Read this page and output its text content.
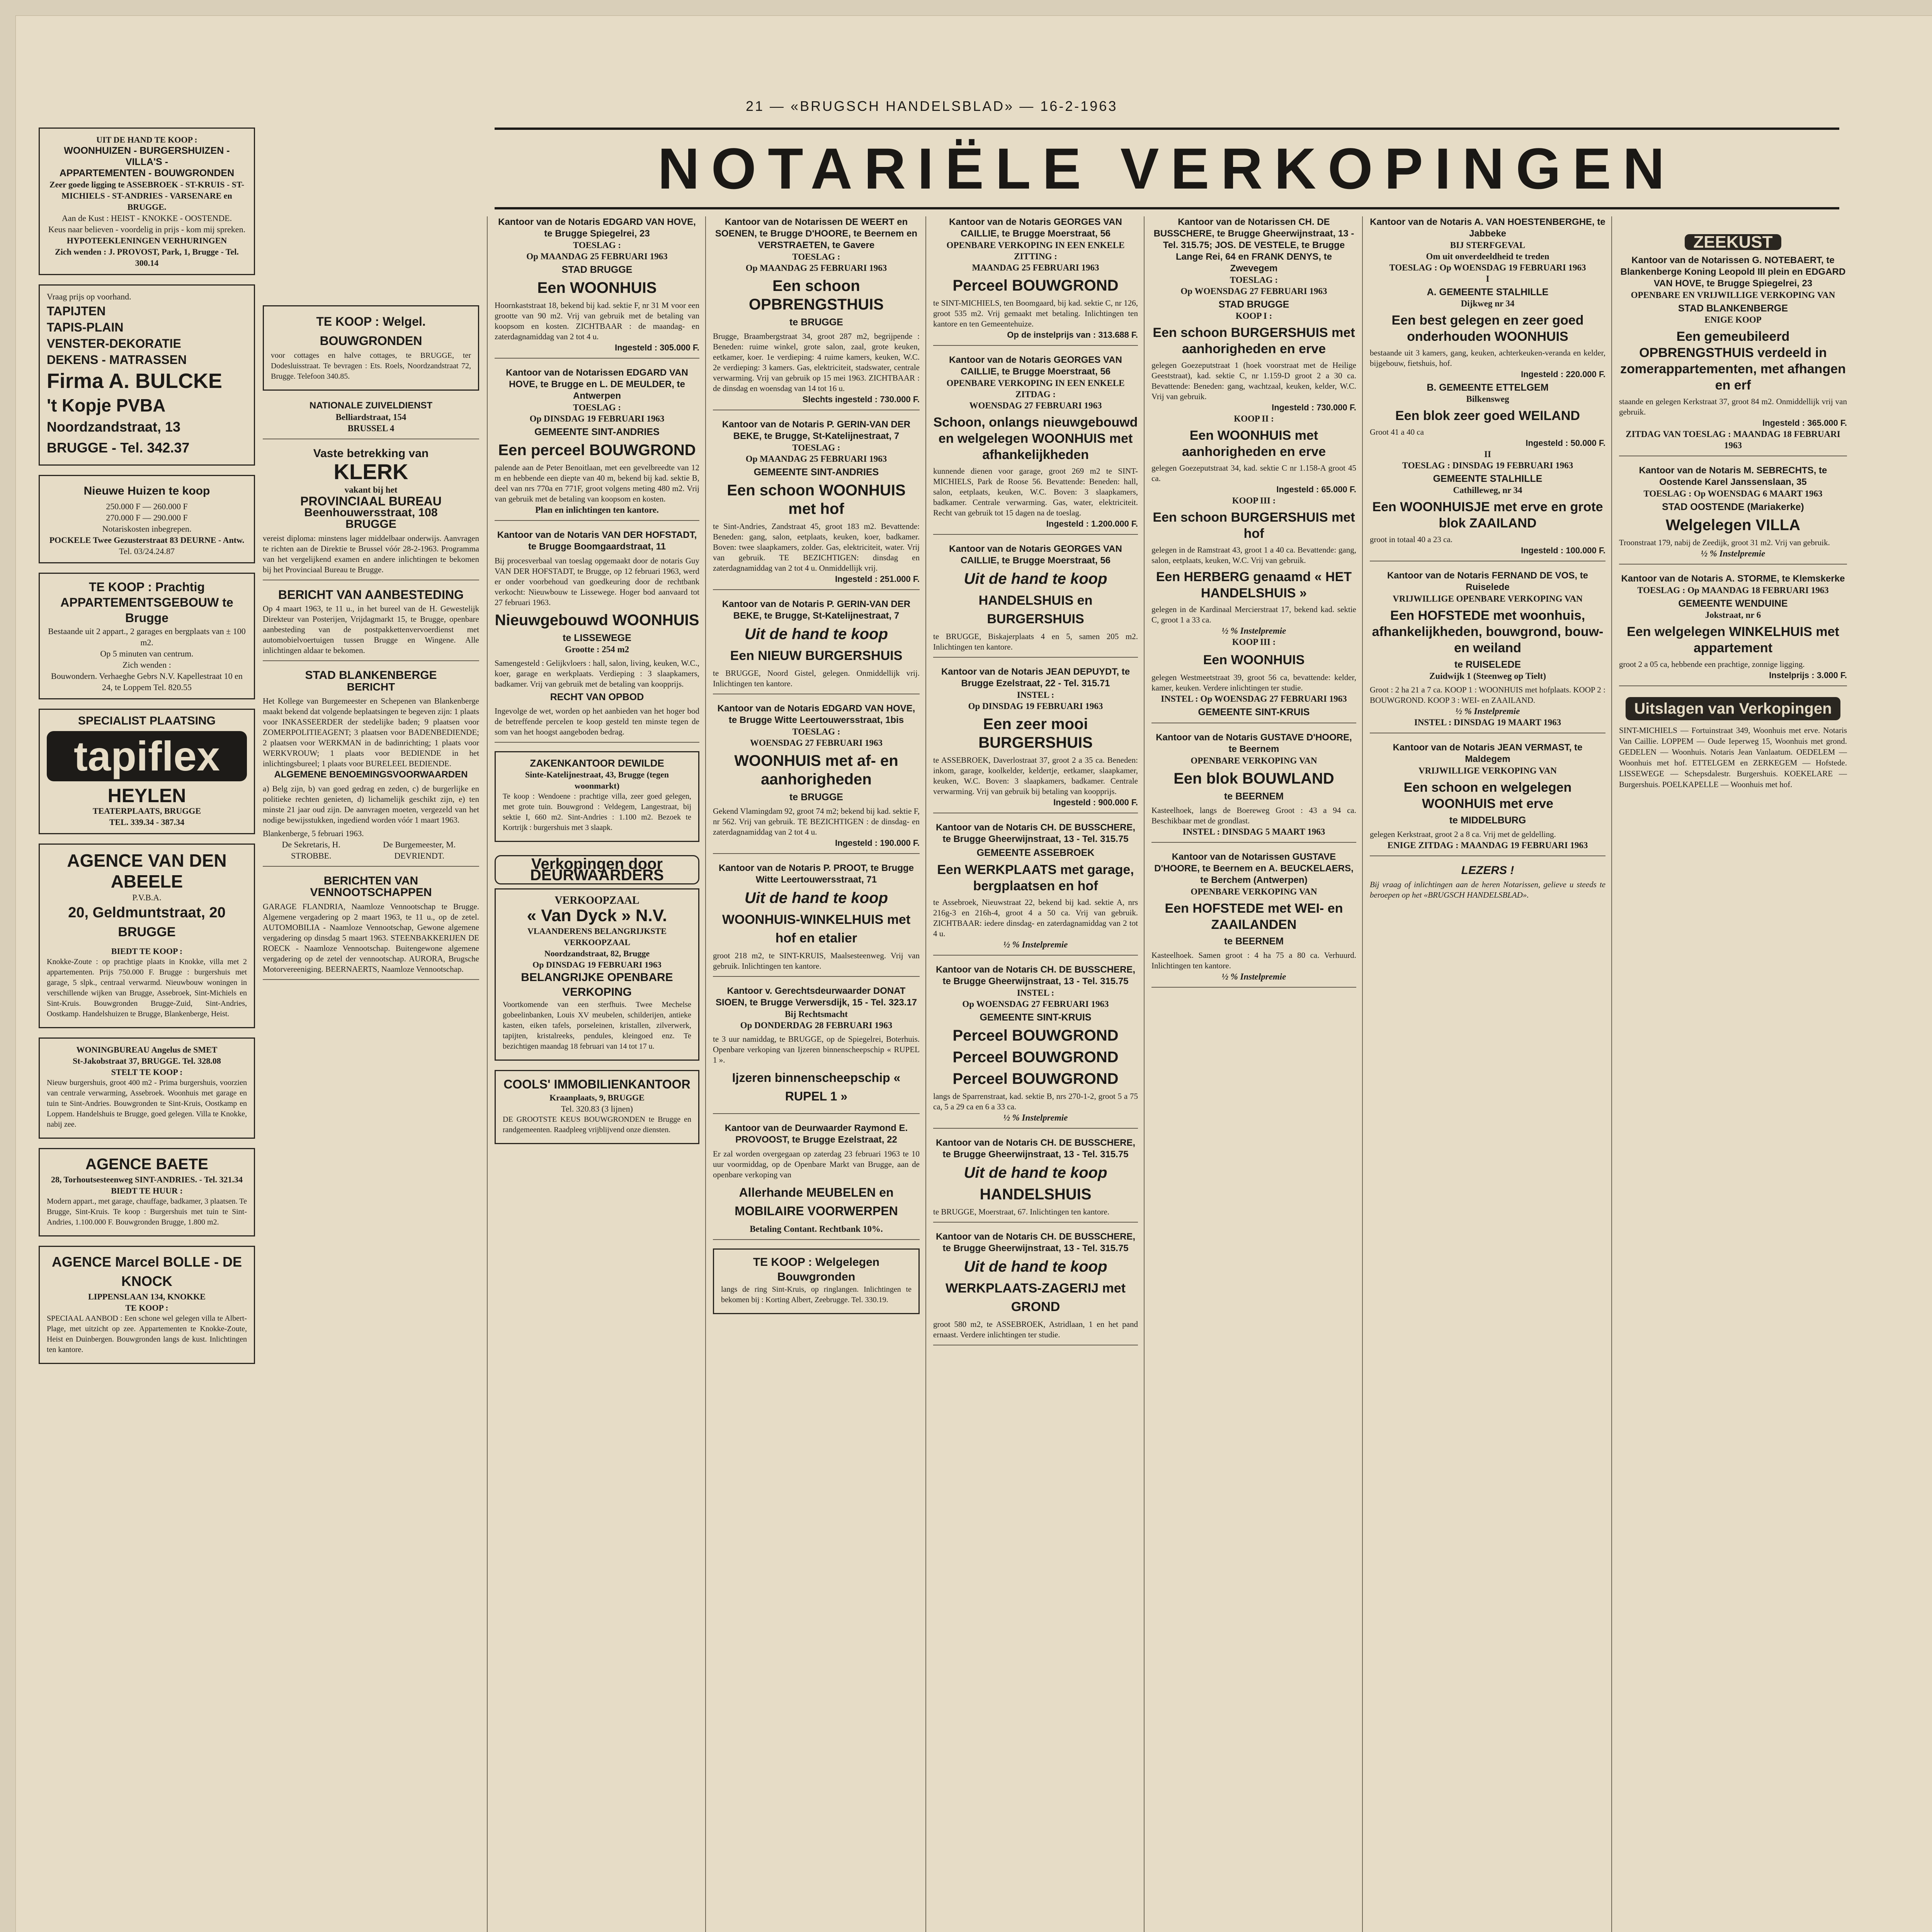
21 — «BRUGSCH HANDELSBLAD» — 16-2-1963
NOTARIËLE VERKOPINGEN
UIT DE HAND TE KOOP :
WOONHUIZEN - BURGERSHUIZEN - VILLA'S -
APPARTEMENTEN - BOUWGRONDEN
Zeer goede ligging te ASSEBROEK - ST-KRUIS - ST-MICHIELS - ST-ANDRIES - VARSENARE en BRUGGE.
Aan de Kust : HEIST - KNOKKE - OOSTENDE.
Keus naar believen - voordelig in prijs - kom mij spreken.
HYPOTEEKLENINGEN VERHURINGEN
Zich wenden : J. PROVOST, Park, 1, Brugge - Tel. 300.14
Vraag prijs op voorhand.
TAPIJTEN
TAPIS-PLAIN
VENSTER-DEKORATIE
DEKENS - MATRASSEN
Firma A. BULCKE
't Kopje PVBA
Noordzandstraat, 13
BRUGGE - Tel. 342.37
Nieuwe Huizen te koop
250.000 F — 260.000 F
270.000 F — 290.000 F
Notariskosten inbegrepen.
POCKELE Twee Gezusterstraat 83 DEURNE - Antw.
Tel. 03/24.24.87
TE KOOP : Prachtig APPARTEMENTSGEBOUW te Brugge
Bestaande uit 2 appart., 2 garages en bergplaats van ± 100 m2.
Op 5 minuten van centrum.
Zich wenden :
Bouwondern. Verhaeghe Gebrs N.V. Kapellestraat 10 en 24, te Loppem Tel. 820.55
SPECIALIST PLAATSING
tapiflex
HEYLEN
TEATERPLAATS, BRUGGE
TEL. 339.34 - 387.34
AGENCE VAN DEN ABEELE
P.V.B.A.
20, Geldmuntstraat, 20
BRUGGE
BIEDT TE KOOP :

Knokke-Zoute : op prachtige plaats in Knokke, villa met 2 appartementen. Prijs 750.000 F. Brugge : burgershuis met garage, 5 slpk., centraal verwarmd. Nieuwbouw woningen in verschillende wijken van Brugge, Assebroek, Sint-Michiels en Sint-Kruis. Bouwgronden Brugge-Zuid, Sint-Andries, Oostkamp. Handelshuizen te Brugge, Blankenberge, Heist.

WONINGBUREAU Angelus de SMET
St-Jakobstraat 37, BRUGGE. Tel. 328.08
STELT TE KOOP :

Nieuw burgershuis, groot 400 m2 - Prima burgershuis, voorzien van centrale verwarming, Assebroek. Woonhuis met garage en tuin te Sint-Andries. Bouwgronden te Sint-Kruis, Oostkamp en Loppem. Handelshuis te Brugge, goed gelegen. Villa te Knokke, nabij zee.

AGENCE BAETE
28, Torhoutsesteenweg SINT-ANDRIES. - Tel. 321.34
BIEDT TE HUUR :

Modern appart., met garage, chauffage, badkamer, 3 plaatsen. Te Brugge, Sint-Kruis. Te koop : Burgershuis met tuin te Sint-Andries, 1.100.000 F. Bouwgronden Brugge, 1.800 m2.

AGENCE Marcel BOLLE - DE KNOCK
LIPPENSLAAN 134, KNOKKE
TE KOOP :

SPECIAAL AANBOD : Een schone wel gelegen villa te Albert-Plage, met uitzicht op zee. Appartementen te Knokke-Zoute, Heist en Duinbergen. Bouwgronden langs de kust. Inlichtingen ten kantore.

TE KOOP : Welgel. BOUWGRONDEN

voor cottages en halve cottages, te BRUGGE, ter Dodesluisstraat. Te bevragen : Ets. Roels, Noordzandstraat 72, Brugge. Telefoon 340.85.

NATIONALE ZUIVELDIENST
Belliardstraat, 154
BRUSSEL 4
Vaste betrekking van
KLERK
vakant bij het
PROVINCIAAL BUREAU
Beenhouwersstraat, 108
BRUGGE
vereist diploma: minstens lager middelbaar onderwijs. Aanvragen te richten aan de Direktie te Brussel vóór 28-2-1963. Programma van het vergelijkend examen en andere inlichtingen te bekomen bij het Provinciaal Bureau te Brugge.
BERICHT VAN AANBESTEDING
Op 4 maart 1963, te 11 u., in het bureel van de H. Gewestelijk Direkteur van Posterijen, Vrijdagmarkt 15, te Brugge, openbare aanbesteding van de postpakkettenvervoerdienst met automobielvoertuigen tussen Brugge en Wingene. Alle inlichtingen aldaar te bekomen.
STAD BLANKENBERGE
BERICHT
Het Kollege van Burgemeester en Schepenen van Blankenberge maakt bekend dat volgende beplaatsingen te begeven zijn: 1 plaats voor INKASSEERDER der stedelijke baden; 9 plaatsen voor ZOMERPOLITIEAGENT; 3 plaatsen voor BADENBEDIENDE; 2 plaatsen voor WERKMAN in de badinrichting; 1 plaats voor WERKVROUW; 1 plaats voor BEDIENDE in het inlichtingsbureel; 1 plaats voor BURELEEL BEDIENDE.
ALGEMENE BENOEMINGSVOORWAARDEN
a) Belg zijn, b) van goed gedrag en zeden, c) de burgerlijke en politieke rechten genieten, d) lichamelijk geschikt zijn, e) ten minste 21 jaar oud zijn. De aanvragen moeten, vergezeld van het nodige bewijsstukken, ingediend worden vóór 1 maart 1963.
Blankenberge, 5 februari 1963.
De Sekretaris, H. STROBBE.
De Burgemeester, M. DEVRIENDT.
BERICHTEN VAN VENNOOTSCHAPPEN
GARAGE FLANDRIA, Naamloze Vennootschap te Brugge. Algemene vergadering op 2 maart 1963, te 11 u., op de zetel. AUTOMOBILIA - Naamloze Vennootschap, Gewone algemene vergadering op dinsdag 5 maart 1963. STEENBAKKERIJEN DE ROECK - Naamloze Vennootschap. Buitengewone algemene vergadering op de zetel der vennootschap. AURORA, Brugsche Motorvereeniging. BEERNAERTS, Naamloze Vennootschap.
Kantoor van de Notaris EDGARD VAN HOVE, te Brugge Spiegelrei, 23
TOESLAG :
Op MAANDAG 25 FEBRUARI 1963
STAD BRUGGE
Een WOONHUIS
Hoornkaststraat 18, bekend bij kad. sektie F, nr 31 M voor een grootte van 90 m2. Vrij van gebruik met de betaling van koopsom en kosten. ZICHTBAAR : de maandag- en zaterdagnamiddag van 2 tot 4 u.
Ingesteld : 305.000 F.
Kantoor van de Notarissen EDGARD VAN HOVE, te Brugge en L. DE MEULDER, te Antwerpen
TOESLAG :
Op DINSDAG 19 FEBRUARI 1963
GEMEENTE SINT-ANDRIES
Een perceel BOUWGROND
palende aan de Peter Benoitlaan, met een gevelbreedte van 12 m en hebbende een diepte van 40 m, bekend bij kad. sektie B, deel van nrs 770a en 771F, groot volgens meting 480 m2. Vrij van gebruik met de betaling van koopsom en kosten.
Plan en inlichtingen ten kantore.
Kantoor van de Notaris VAN DER HOFSTADT, te Brugge Boomgaardstraat, 11
Bij procesverbaal van toeslag opgemaakt door de notaris Guy VAN DER HOFSTADT, te Brugge, op 12 februari 1963, werd er onder voorbehoud van goedkeuring door de rechtbank verkocht: Nieuwbouw te Lissewege. Hoger bod aanvaard tot 27 februari 1963.
Nieuwgebouwd WOONHUIS
te LISSEWEGE
Grootte : 254 m2
Samengesteld : Gelijkvloers : hall, salon, living, keuken, W.C., koer, garage en werkplaats. Verdieping : 3 slaapkamers, badkamer. Vrij van gebruik met de betaling van koopprijs.
RECHT VAN OPBOD
Ingevolge de wet, worden op het aanbieden van het hoger bod de betreffende percelen te koop gesteld ten minste tegen de som van het hoogst aangeboden bedrag.
ZAKENKANTOOR DEWILDE
Sinte-Katelijnestraat, 43, Brugge (tegen woonmarkt)

Te koop : Wendoene : prachtige villa, zeer goed gelegen, met grote tuin. Bouwgrond : Veldegem, Langestraat, bij sektie I, 660 m2. Sint-Andries : 1.100 m2. Bezoek te Kortrijk : burgershuis met 3 slaapk.

Verkopingen door DEURWAARDERS
VERKOOPZAAL
« Van Dyck » N.V.
VLAANDERENS BELANGRIJKSTE VERKOOPZAAL
Noordzandstraat, 82, Brugge
Op DINSDAG 19 FEBRUARI 1963
BELANGRIJKE OPENBARE VERKOPING

Voortkomende van een sterfhuis. Twee Mechelse gobeelinbanken, Louis XV meubelen, schilderijen, antieke kasten, eiken tafels, porseleinen, kristallen, zilverwerk, tapijten, kristalreeks, pendules, kleingoed enz. Te bezichtigen maandag 18 februari van 14 tot 17 u.

COOLS' IMMOBILIENKANTOOR
Kraanplaats, 9, BRUGGE
Tel. 320.83 (3 lijnen)

DE GROOTSTE KEUS BOUWGRONDEN te Brugge en randgemeenten. Raadpleeg vrijblijvend onze diensten.

Kantoor van de Notarissen DE WEERT en SOENEN, te Brugge D'HOORE, te Beernem en VERSTRAETEN, te Gavere
TOESLAG :
Op MAANDAG 25 FEBRUARI 1963
Een schoon OPBRENGSTHUIS
te BRUGGE
Brugge, Braambergstraat 34, groot 287 m2, begrijpende : Beneden: ruime winkel, grote salon, zaal, grote keuken, eetkamer, koer. 1e verdieping: 4 ruime kamers, keuken, W.C. 2e verdieping: 3 kamers. Gas, elektriciteit, stadswater, centrale verwarming. Vrij van gebruik op 15 mei 1963. ZICHTBAAR : de dinsdag en woensdag van 14 tot 16 u.
Slechts ingesteld : 730.000 F.
Kantoor van de Notaris P. GERIN-VAN DER BEKE, te Brugge, St-Katelijnestraat, 7
TOESLAG :
Op MAANDAG 25 FEBRUARI 1963
GEMEENTE SINT-ANDRIES
Een schoon WOONHUIS met hof
te Sint-Andries, Zandstraat 45, groot 183 m2. Bevattende: Beneden: gang, salon, eetplaats, keuken, koer, badkamer. Boven: twee slaapkamers, zolder. Gas, elektriciteit, water. Vrij van gebruik. TE BEZICHTIGEN: dinsdag en zaterdagnamiddag van 2 tot 4 u. Onmiddellijk vrij.
Ingesteld : 251.000 F.
Kantoor van de Notaris P. GERIN-VAN DER BEKE, te Brugge, St-Katelijnestraat, 7
Uit de hand te koop
Een NIEUW BURGERSHUIS
te BRUGGE, Noord Gistel, gelegen. Onmiddellijk vrij. Inlichtingen ten kantore.
Kantoor van de Notaris EDGARD VAN HOVE, te Brugge Witte Leertouwersstraat, 1bis
TOESLAG :
WOENSDAG 27 FEBRUARI 1963
WOONHUIS met af- en aanhorigheden
te BRUGGE
Gekend Vlamingdam 92, groot 74 m2; bekend bij kad. sektie F, nr 562. Vrij van gebruik. TE BEZICHTIGEN : de dinsdag- en zaterdagnamiddag van 2 tot 4 u.
Ingesteld : 190.000 F.
Kantoor van de Notaris P. PROOT, te Brugge Witte Leertouwersstraat, 71
Uit de hand te koop
WOONHUIS-WINKELHUIS met hof en etalier
groot 218 m2, te SINT-KRUIS, Maalsesteenweg. Vrij van gebruik. Inlichtingen ten kantore.
Kantoor v. Gerechtsdeurwaarder DONAT SIOEN, te Brugge Verwersdijk, 15 - Tel. 323.17
Bij Rechtsmacht
Op DONDERDAG 28 FEBRUARI 1963
te 3 uur namiddag, te BRUGGE, op de Spiegelrei, Boterhuis. Openbare verkoping van Ijzeren binnenscheepschip « RUPEL 1 ».
Ijzeren binnenscheepschip « RUPEL 1 »
Kantoor van de Deurwaarder Raymond E. PROVOOST, te Brugge Ezelstraat, 22
Er zal worden overgegaan op zaterdag 23 februari 1963 te 10 uur voormiddag, op de Openbare Markt van Brugge, aan de openbare verkoping van
Allerhande MEUBELEN en MOBILAIRE VOORWERPEN
Betaling Contant. Rechtbank 10%.
TE KOOP : Welgelegen Bouwgronden

langs de ring Sint-Kruis, op ringlangen. Inlichtingen te bekomen bij : Korting Albert, Zeebrugge. Tel. 330.19.

Kantoor van de Notaris GEORGES VAN CAILLIE, te Brugge Moerstraat, 56
OPENBARE VERKOPING IN EEN ENKELE ZITTING :
MAANDAG 25 FEBRUARI 1963
Perceel BOUWGROND
te SINT-MICHIELS, ten Boomgaard, bij kad. sektie C, nr 126, groot 535 m2. Vrij gemaakt met betaling. Inlichtingen ten kantore en ten Gemeentehuize.
Op de instelprijs van : 313.688 F.
Kantoor van de Notaris GEORGES VAN CAILLIE, te Brugge Moerstraat, 56
OPENBARE VERKOPING IN EEN ENKELE ZITDAG :
WOENSDAG 27 FEBRUARI 1963
Schoon, onlangs nieuwgebouwd en welgelegen WOONHUIS met afhankelijkheden
kunnende dienen voor garage, groot 269 m2 te SINT-MICHIELS, Park de Roose 56. Bevattende: Beneden: hall, salon, eetplaats, keuken, W.C. Boven: 3 slaapkamers, badkamer. Centrale verwarming. Gas, water, elektriciteit. Recht van gebruik tot 15 dagen na de toeslag.
Ingesteld : 1.200.000 F.
Kantoor van de Notaris GEORGES VAN CAILLIE, te Brugge Moerstraat, 56
Uit de hand te koop
HANDELSHUIS en BURGERSHUIS
te BRUGGE, Biskajerplaats 4 en 5, samen 205 m2. Inlichtingen ten kantore.
Kantoor van de Notaris JEAN DEPUYDT, te Brugge Ezelstraat, 22 - Tel. 315.71
INSTEL :
Op DINSDAG 19 FEBRUARI 1963
Een zeer mooi BURGERSHUIS
te ASSEBROEK, Daverlostraat 37, groot 2 a 35 ca. Beneden: inkom, garage, koolkelder, keldertje, eetkamer, slaapkamer, keuken, W.C. Boven: 3 slaapkamers, badkamer. Centrale verwarming. Vrij van gebruik bij betaling van koopprijs.
Ingesteld : 900.000 F.
Kantoor van de Notaris CH. DE BUSSCHERE, te Brugge Gheerwijnstraat, 13 - Tel. 315.75
GEMEENTE ASSEBROEK
Een WERKPLAATS met garage, bergplaatsen en hof
te Assebroek, Nieuwstraat 22, bekend bij kad. sektie A, nrs 216g-3 en 216h-4, groot 4 a 50 ca. Vrij van gebruik. ZICHTBAAR: iedere dinsdag- en zaterdagnamiddag van 2 tot 4 u.
½ % Instelpremie
Kantoor van de Notaris CH. DE BUSSCHERE, te Brugge Gheerwijnstraat, 13 - Tel. 315.75
INSTEL :
Op WOENSDAG 27 FEBRUARI 1963
GEMEENTE SINT-KRUIS
Perceel BOUWGROND
Perceel BOUWGROND
Perceel BOUWGROND
langs de Sparrenstraat, kad. sektie B, nrs 270-1-2, groot 5 a 75 ca, 5 a 29 ca en 6 a 33 ca.
½ % Instelpremie
Kantoor van de Notaris CH. DE BUSSCHERE, te Brugge Gheerwijnstraat, 13 - Tel. 315.75
Uit de hand te koop
HANDELSHUIS
te BRUGGE, Moerstraat, 67. Inlichtingen ten kantore.
Kantoor van de Notaris CH. DE BUSSCHERE, te Brugge Gheerwijnstraat, 13 - Tel. 315.75
Uit de hand te koop
WERKPLAATS-ZAGERIJ met GROND
groot 580 m2, te ASSEBROEK, Astridlaan, 1 en het pand ernaast. Verdere inlichtingen ter studie.
Kantoor van de Notarissen CH. DE BUSSCHERE, te Brugge Gheerwijnstraat, 13 - Tel. 315.75; JOS. DE VESTELE, te Brugge Lange Rei, 64 en FRANK DENYS, te Zwevegem
TOESLAG :
Op WOENSDAG 27 FEBRUARI 1963
STAD BRUGGE
KOOP I :
Een schoon BURGERSHUIS met aanhorigheden en erve
gelegen Goezeputstraat 1 (hoek voorstraat met de Heilige Geeststraat), kad. sektie C, nr 1.159-D groot 2 a 30 ca. Bevattende: Beneden: gang, wachtzaal, keuken, kelder, W.C. Vrij van gebruik.
Ingesteld : 730.000 F.
KOOP II :
Een WOONHUIS met aanhorigheden en erve
gelegen Goezeputstraat 34, kad. sektie C nr 1.158-A groot 45 ca.
Ingesteld : 65.000 F.
KOOP III :
Een schoon BURGERSHUIS met hof
gelegen in de Ramstraat 43, groot 1 a 40 ca. Bevattende: gang, salon, eetplaats, keuken, W.C. Vrij van gebruik.
Een HERBERG genaamd « HET HANDELSHUIS »
gelegen in de Kardinaal Mercierstraat 17, bekend kad. sektie C, groot 1 a 33 ca.
½ % Instelpremie
KOOP III :
Een WOONHUIS
gelegen Westmeetstraat 39, groot 56 ca, bevattende: kelder, kamer, keuken. Verdere inlichtingen ter studie.
INSTEL : Op WOENSDAG 27 FEBRUARI 1963
GEMEENTE SINT-KRUIS
Kantoor van de Notaris GUSTAVE D'HOORE, te Beernem
OPENBARE VERKOPING VAN
Een blok BOUWLAND
te BEERNEM
Kasteelhoek, langs de Boereweg Groot : 43 a 94 ca. Beschikbaar met de grondlast.
INSTEL : DINSDAG 5 MAART 1963
Kantoor van de Notarissen GUSTAVE D'HOORE, te Beernem en A. BEUCKELAERS, te Berchem (Antwerpen)
OPENBARE VERKOPING VAN
Een HOFSTEDE met WEI- en ZAAILANDEN
te BEERNEM
Kasteelhoek. Samen groot : 4 ha 75 a 80 ca. Verhuurd. Inlichtingen ten kantore.
½ % Instelpremie
Kantoor van de Notaris A. VAN HOESTENBERGHE, te Jabbeke
BIJ STERFGEVAL
Om uit onverdeeldheid te treden
TOESLAG : Op WOENSDAG 19 FEBRUARI 1963
I
A. GEMEENTE STALHILLE
Dijkweg nr 34
Een best gelegen en zeer goed onderhouden WOONHUIS
bestaande uit 3 kamers, gang, keuken, achterkeuken-veranda en kelder, bijgebouw, fietshuis, hof.
Ingesteld : 220.000 F.
B. GEMEENTE ETTELGEM
Bilkensweg
Een blok zeer goed WEILAND
Groot 41 a 40 ca
Ingesteld : 50.000 F.
II
TOESLAG : DINSDAG 19 FEBRUARI 1963
GEMEENTE STALHILLE
Cathilleweg, nr 34
Een WOONHUISJE met erve en grote blok ZAAILAND
groot in totaal 40 a 23 ca.
Ingesteld : 100.000 F.
Kantoor van de Notaris FERNAND DE VOS, te Ruiselede
VRIJWILLIGE OPENBARE VERKOPING VAN
Een HOFSTEDE met woonhuis, afhankelijkheden, bouwgrond, bouw- en weiland
te RUISELEDE
Zuidwijk 1 (Steenweg op Tielt)
Groot : 2 ha 21 a 7 ca. KOOP 1 : WOONHUIS met hofplaats. KOOP 2 : BOUWGROND. KOOP 3 : WEI- en ZAAILAND.
½ % Instelpremie
INSTEL : DINSDAG 19 MAART 1963
Kantoor van de Notaris JEAN VERMAST, te Maldegem
VRIJWILLIGE VERKOPING VAN
Een schoon en welgelegen WOONHUIS met erve
te MIDDELBURG
gelegen Kerkstraat, groot 2 a 8 ca. Vrij met de geldelling.
ENIGE ZITDAG : MAANDAG 19 FEBRUARI 1963
LEZERS !
Bij vraag of inlichtingen aan de heren Notarissen, gelieve u steeds te beroepen op het «BRUGSCH HANDELSBLAD».
ZEEKUST
Kantoor van de Notarissen G. NOTEBAERT, te Blankenberge Koning Leopold III plein en EDGARD VAN HOVE, te Brugge Spiegelrei, 23
OPENBARE EN VRIJWILLIGE VERKOPING VAN
STAD BLANKENBERGE
ENIGE KOOP
Een gemeubileerd OPBRENGSTHUIS verdeeld in zomerappartementen, met afhangen en erf
staande en gelegen Kerkstraat 37, groot 84 m2. Onmiddellijk vrij van gebruik.
Ingesteld : 365.000 F.
ZITDAG VAN TOESLAG : MAANDAG 18 FEBRUARI 1963
Kantoor van de Notaris M. SEBRECHTS, te Oostende Karel Janssenslaan, 35
TOESLAG : Op WOENSDAG 6 MAART 1963
STAD OOSTENDE (Mariakerke)
Welgelegen VILLA
Troonstraat 179, nabij de Zeedijk, groot 31 m2. Vrij van gebruik.
½ % Instelpremie
Kantoor van de Notaris A. STORME, te Klemskerke
TOESLAG : Op MAANDAG 18 FEBRUARI 1963
GEMEENTE WENDUINE
Jokstraat, nr 6
Een welgelegen WINKELHUIS met appartement
groot 2 a 05 ca, hebbende een prachtige, zonnige ligging.
Instelprijs : 3.000 F.
Uitslagen van Verkopingen
SINT-MICHIELS — Fortuinstraat 349, Woonhuis met erve. Notaris Van Caillie. LOPPEM — Oude Ieperweg 15, Woonhuis met grond. GEDELEN — Woonhuis. Notaris Jean Vanlaatum. OEDELEM — Woonhuis met hof. ETTELGEM en ZERKEGEM — Hofstede. LISSEWEGE — Schepsdalestr. Burgershuis. KOEKELARE — Burgershuis. POELKAPELLE — Woonhuis met hof.
